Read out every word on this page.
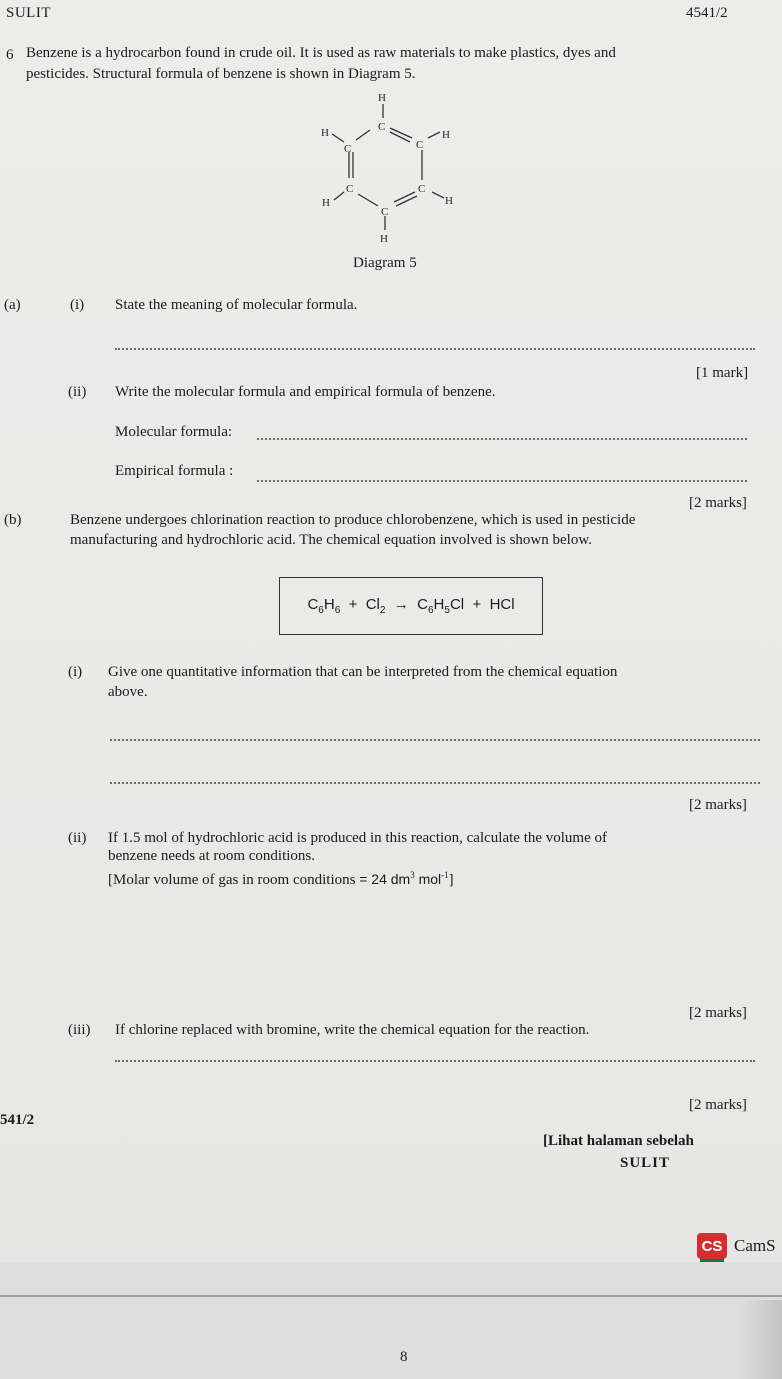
SULIT	4541/2
6 Benzene is a hydrocarbon found in crude oil. It is used as raw materials to make plastics, dyes and
pesticides. Structural formula of benzene is shown in Diagram 5.
H
C
H
C	C
H
C
H
C
H
C
H
Diagram 5
(a)	(i) State the meaning of molecular formula.
[1 mark]
(ii) Write the molecular formula and empirical formula of benzene.
Molecular formula:
Empirical formula :
[2 marks]
(b)	Benzene undergoes chlorination reaction to produce chlorobenzene, which is used in pesticide
manufacturing and hydrochloric acid. The chemical equation involved is shown below.
$C_6H_6 + Cl_2 \to C_6H_5Cl$ + HCl
(i) Give one quantitative information that can be interpreted from the chemical equation
above.
[2 marks]
(ii) If 1.5 mol of hydrochloric acid is produced in this reaction, calculate the volume of
benzene needs at room conditions.
[Molar volume of gas in room conditions = 24 $dm^3$ mol$^{-1}$]
[2 marks]
(iii) If chlorine replaced with bromine, write the chemical equation for the reaction.
[2 marks]
541/2
[Lihat halaman sebelah
SULIT
CS CamS
8
